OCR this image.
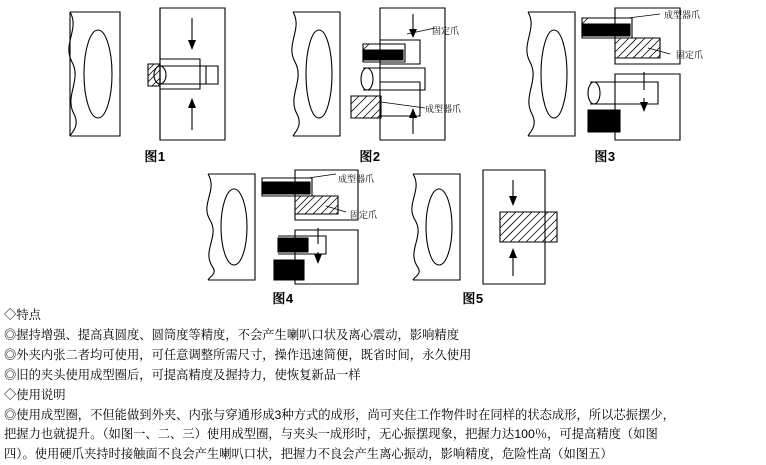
图1	图2
固定爪
成型器爪
图3
成型器爪
固定爪
图4
成型器爪
固定爪
图5
◇特点
◎握持增强、提高真圆度、圆筒度等精度，不会产生喇叭口状及离心震动，影响精度
◎外夹内张二者均可使用，可任意调整所需尺寸，操作迅速简便，既省时间，永久使用
◎旧的夹头使用成型圈后，可提高精度及握持力，使恢复新品一样
◇使用说明
◎使用成型圈，不但能做到外夹、内张与穿通形成3种方式的成形，尚可夹住工作物件时在同样的状态成形，所以芯振摆少，
把握力也就提升。（如图一、二、三）使用成型圈，与夹头一成形时，无心振摆现象，把握力达100％，可提高精度（如图
四）。使用硬爪夹持时接触面不良会产生喇叭口状，把握力不良会产生离心振动，影响精度，危险性高（如图五）
